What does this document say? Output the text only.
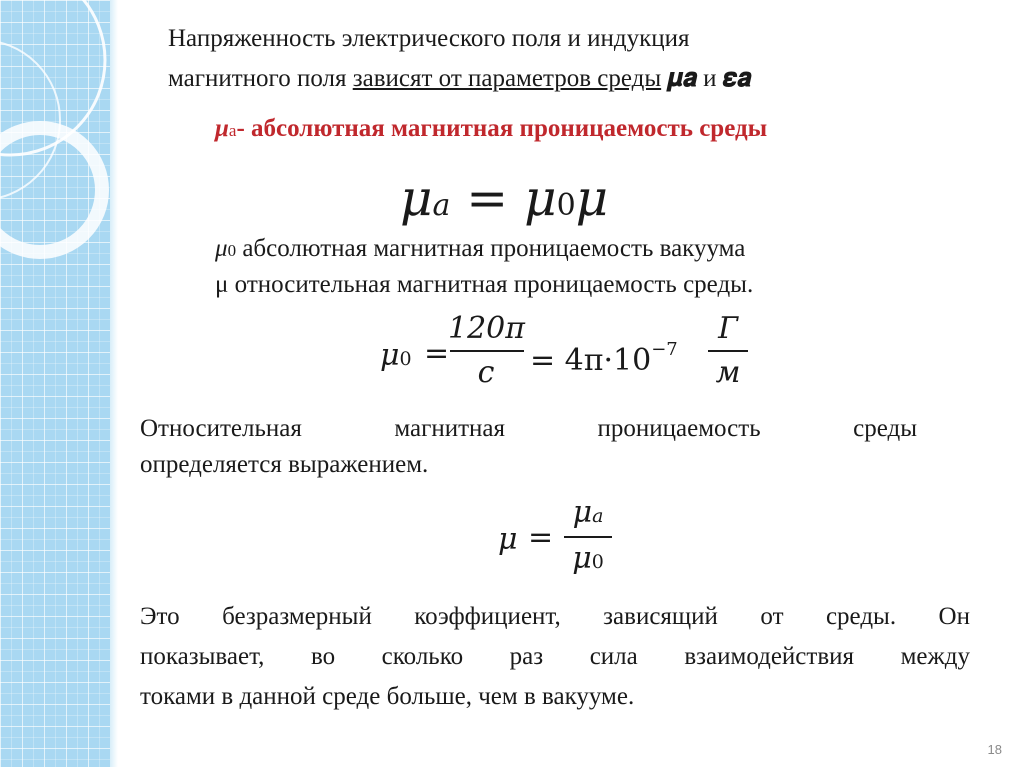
Напряженность электрического поля и индукция
магнитного поля зависят от параметров среды 𝝁𝒂 и 𝜺𝒂
μa- абсолютная магнитная проницаемость среды
μa = μ0μ
μ0 абсолютная магнитная проницаемость вакуума
μ относительная магнитная проницаемость среды.
μ0 =
120π
c	= $4\pi\cdot 10^{-7}$
Г
м
Относительная магнитная проницаемость среды
определяется выражением.
μ =
μa
μ0
Это безразмерный коэффициент, зависящий от среды. Он
показывает, во сколько раз сила взаимодействия между
токами в данной среде больше, чем в вакууме.
18
